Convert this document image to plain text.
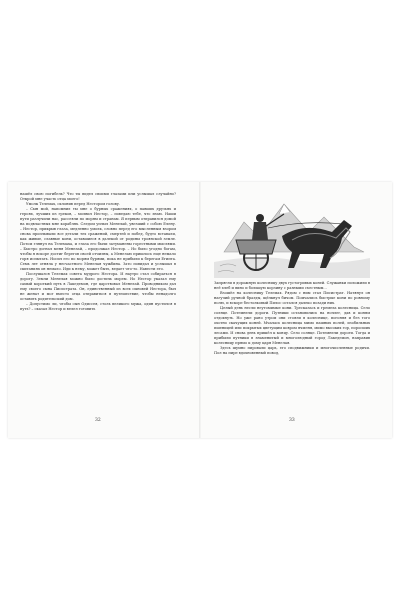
нашёл свою погибель? Что ты видел своими глазами или услышал случайно? Открой мне участь отца моего!

Умолк Телемах, склонив перед Нестором голову.

– Сын мой, напомнил ты мне о бурных сражениях, о павших друзьях и героях, лучших из греков, – молвил Нестор, – поведаю тебе, что знаю. Наши пути разлучили нас, рассеяли по морям и странам. Я первым отправился домой на подвластных мне кораблях. Следом уплыл Менелай, увезший с собою Елену. – Нестор, прикрыв глаза, медленно умолк, словно перед его мысленным взором снова проплывали все детали тех сражений, смертей и побед, будто вставали, как живые, славные кони, оставшиеся в далекой от родины троянской земле. Потом глянул на Телемаха, и глаза его были затуманены горестными мыслями. – Быстро догнал меня Менелай, – продолжал Нестор. – Но было угодно богам, чтобы я вскоре достиг берегов своей отчизны, а Менелаю пришлось еще немало горя испытать. Носил его по морям бурями, пока не прибыли к берегам Египта. Семь лет отняла у несчастного Менелая чужбина. Зато повидал и услышал в скитаниях он немало. Иди к нему, может быть, ведает что-то. Навести его.

Послушался Телемах совета мудрого Нестора. И наутро стал собираться в дорогу. Земли Менелая можно было достичь морем. Но Нестор указал ему самый короткий путь в Лакедемон, где царствовал Менелай. Проводником дал ему своего сына Писистрата. Он, единственный из всех сыновей Нестора, был не женат и мог вместо отца отправиться в путешествие, чтобы ненадолго оставить родительский дом.

– Допустимо ли, чтобы сын Одиссея, столь великого мужа, один пустился в путь? – сказал Нестор и велел готовить

Запрягли в дорожную колесницу двух густогривых коней. Служанки положили в неё хлеб и вино и большую корзину с разными съестным...

Взошёл на колесницу Телемах. Рядом с ним стал Писистрат. Натянул он нагучий ручной бразды, щёлкнул бичом. Помчались быстрые кони по ровному полю, и вскоре бестолковый Пилос остался далеко позади них.

Целый день несли неутомимые кони. Трескалась и гремела колесница. Село солнце. Потемнели дороги. Путники остановились на ночлег, дав и коням отдохнуть. Но уже рано утром они стояли в колеснице, погоняя и без того охотно скачущих коней. Мчалась колесница мимо пашных полей, изобильных пшеницей или покрытых цветущим ковром ячменя, мимо высоких гор, поросших лесами. И снова день пришёл к концу. Село солнце. Потемнели дороги. Тогда и прибыли путники в знаменитый и многолюдный город Лакедемон, направив колесницу прямо к дому царя Менелая.

Здесь шумно пировали царь, его сподвижники и многочисленные родичи. Пол на пире вдохновенный повод,

32	33
